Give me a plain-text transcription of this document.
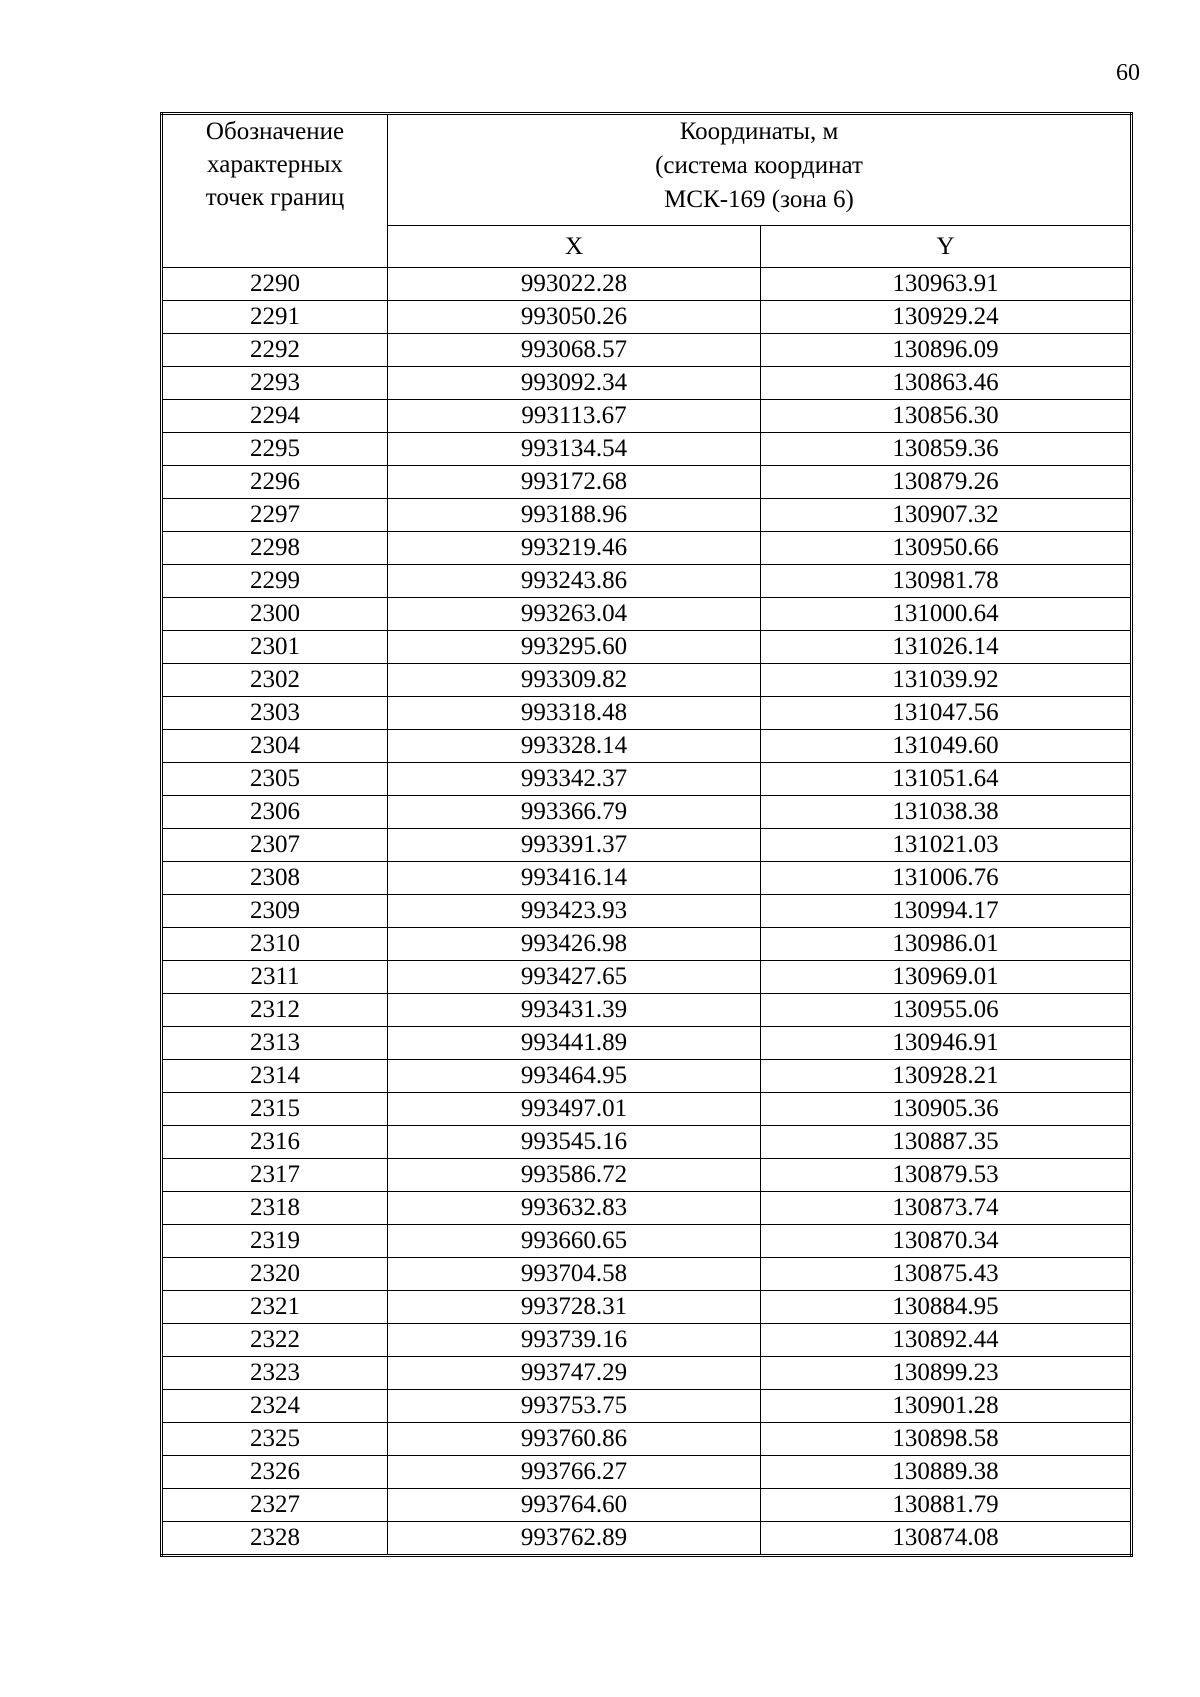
60
Обозначение
характерных
точек границ	Координаты, м
(система координат
МСК-169 (зона 6)	

	X	Y
2290	993022.28	130963.91
2291	993050.26	130929.24
2292	993068.57	130896.09
2293	993092.34	130863.46
2294	993113.67	130856.30
2295	993134.54	130859.36
2296	993172.68	130879.26
2297	993188.96	130907.32
2298	993219.46	130950.66
2299	993243.86	130981.78
2300	993263.04	131000.64
2301	993295.60	131026.14
2302	993309.82	131039.92
2303	993318.48	131047.56
2304	993328.14	131049.60
2305	993342.37	131051.64
2306	993366.79	131038.38
2307	993391.37	131021.03
2308	993416.14	131006.76
2309	993423.93	130994.17
2310	993426.98	130986.01
2311	993427.65	130969.01
2312	993431.39	130955.06
2313	993441.89	130946.91
2314	993464.95	130928.21
2315	993497.01	130905.36
2316	993545.16	130887.35
2317	993586.72	130879.53
2318	993632.83	130873.74
2319	993660.65	130870.34
2320	993704.58	130875.43
2321	993728.31	130884.95
2322	993739.16	130892.44
2323	993747.29	130899.23
2324	993753.75	130901.28
2325	993760.86	130898.58
2326	993766.27	130889.38
2327	993764.60	130881.79
2328	993762.89	130874.08
